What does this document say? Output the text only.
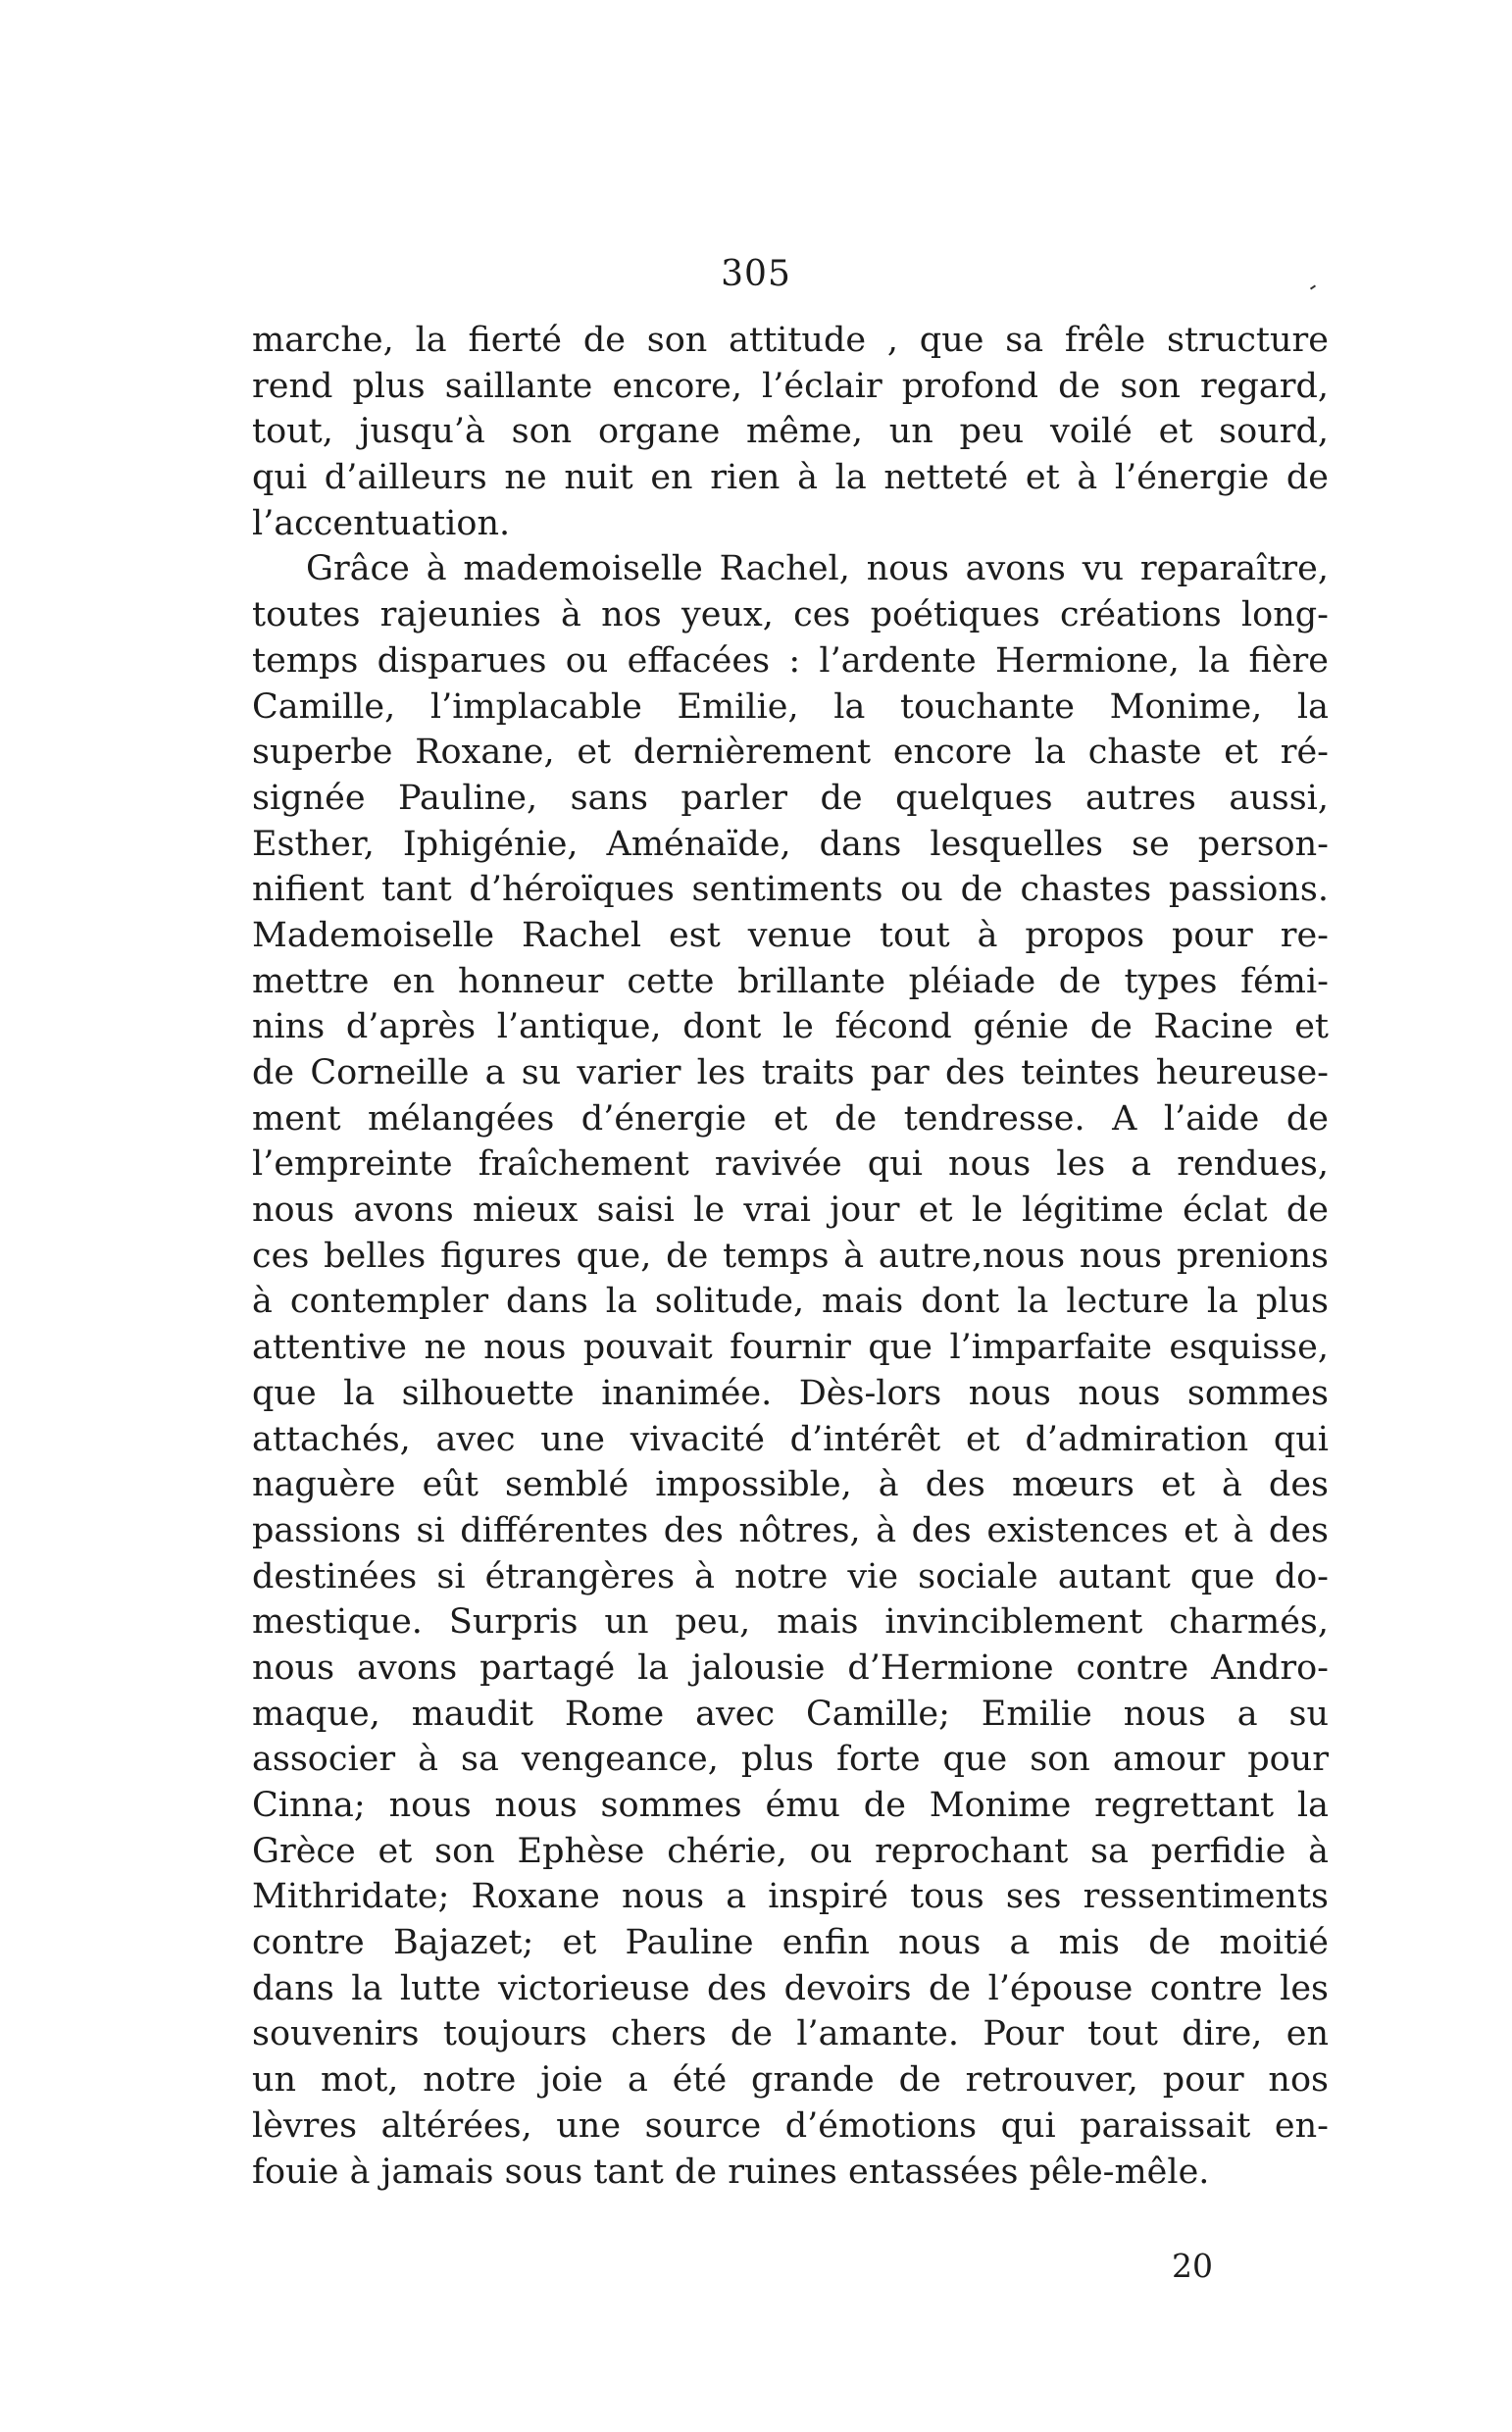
305
marche, la fierté de son attitude , que sa frêle structure
rend plus saillante encore, l’éclair profond de son regard,
tout, jusqu’à son organe même, un peu voilé et sourd,
qui d’ailleurs ne nuit en rien à la netteté et à l’énergie de
l’accentuation.
Grâce à mademoiselle Rachel, nous avons vu reparaître,
toutes rajeunies à nos yeux, ces poétiques créations long-
temps disparues ou effacées : l’ardente Hermione, la fière
Camille, l’implacable Emilie, la touchante Monime, la
superbe Roxane, et dernièrement encore la chaste et ré-
signée Pauline, sans parler de quelques autres aussi,
Esther, Iphigénie, Aménaïde, dans lesquelles se person-
nifient tant d’héroïques sentiments ou de chastes passions.
Mademoiselle Rachel est venue tout à propos pour re-
mettre en honneur cette brillante pléiade de types fémi-
nins d’après l’antique, dont le fécond génie de Racine et
de Corneille a su varier les traits par des teintes heureuse-
ment mélangées d’énergie et de tendresse. A l’aide de
l’empreinte fraîchement ravivée qui nous les a rendues,
nous avons mieux saisi le vrai jour et le légitime éclat de
ces belles figures que, de temps à autre,nous nous prenions
à contempler dans la solitude, mais dont la lecture la plus
attentive ne nous pouvait fournir que l’imparfaite esquisse,
que la silhouette inanimée. Dès-lors nous nous sommes
attachés, avec une vivacité d’intérêt et d’admiration qui
naguère eût semblé impossible, à des mœurs et à des
passions si différentes des nôtres, à des existences et à des
destinées si étrangères à notre vie sociale autant que do-
mestique. Surpris un peu, mais invinciblement charmés,
nous avons partagé la jalousie d’Hermione contre Andro-
maque, maudit Rome avec Camille; Emilie nous a su
associer à sa vengeance, plus forte que son amour pour
Cinna; nous nous sommes ému de Monime regrettant la
Grèce et son Ephèse chérie, ou reprochant sa perfidie à
Mithridate; Roxane nous a inspiré tous ses ressentiments
contre Bajazet; et Pauline enfin nous a mis de moitié
dans la lutte victorieuse des devoirs de l’épouse contre les
souvenirs toujours chers de l’amante. Pour tout dire, en
un mot, notre joie a été grande de retrouver, pour nos
lèvres altérées, une source d’émotions qui paraissait en-
fouie à jamais sous tant de ruines entassées pêle-mêle.
20
